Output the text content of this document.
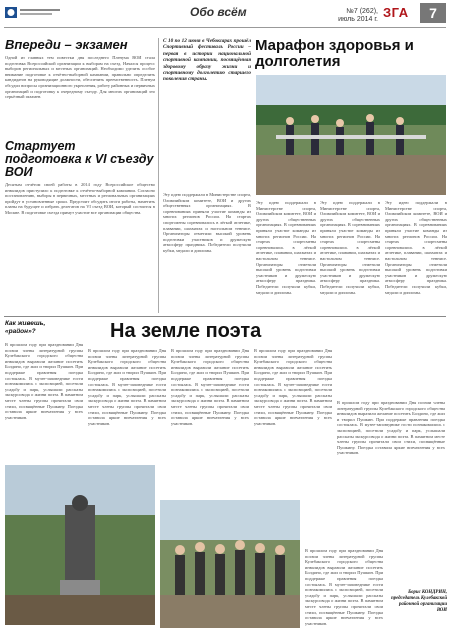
Обо всём	№7 (262),
июль 2014 г. ЗГА	7
Впереди – экзамен
Одной из главных тем повестки дня последнего Пленума ВОИ стала подготовка Всероссийской организации к выборам на съезд. Начался процесс выборов региональных и местных организаций. Необходимо уделить особое внимание подготовке к отчётно-выборной кампании, правильно определить кандидатов на руководящие должности, обеспечить преемственность. Пленум обсудил вопросы организационного укрепления, работу районных и первичных организаций и подготовку к очередному съезду. Для многих организаций это серьёзный экзамен.
Стартует подготовка к VI съезду ВОИ
Десятым отчётом своей работы в 2014 году Всероссийское общество инвалидов приступило к подготовке к отчётно-выборной кампании. Согласно постановлению, выборы в первичных, местных и региональных организациях пройдут в установленные сроки. Предстоит обсудить итоги работы, наметить планы на будущее и избрать делегатов на VI съезд ВОИ, который состоится в Москве. В подготовке съезда примут участие все организации общества.
С 10 по 12 июня в Чебоксарах прошёл Спортивный фестиваль России – первая в истории национальной спортивной кампании, посвящённая здоровому образу жизни и спортивному долголетию старшего поколения страны.
Эту идею поддержали в Министерстве спорта, Олимпийском комитете, ВОИ и других общественных организациях. В соревнованиях приняли участие команды из многих регионов России. На стартах спортсмены соревновались в лёгкой атлетике, плавании, шахматах и настольном теннисе. Организаторы отметили высокий уровень подготовки участников и дружескую атмосферу праздника. Победители получили кубки, медали и дипломы.
Марафон здоровья и долголетия
Эту идею поддержали в Министерстве спорта, Олимпийском комитете, ВОИ и других общественных организациях. В соревнованиях приняли участие команды из многих регионов России. На стартах спортсмены соревновались в лёгкой атлетике, плавании, шахматах и настольном теннисе. Организаторы отметили высокий уровень подготовки участников и дружескую атмосферу праздника. Победители получили кубки, медали и дипломы.
Эту идею поддержали в Министерстве спорта, Олимпийском комитете, ВОИ и других общественных организациях. В соревнованиях приняли участие команды из многих регионов России. На стартах спортсмены соревновались в лёгкой атлетике, плавании, шахматах и настольном теннисе. Организаторы отметили высокий уровень подготовки участников и дружескую атмосферу праздника. Победители получили кубки, медали и дипломы.
Эту идею поддержали в Министерстве спорта, Олимпийском комитете, ВОИ и других общественных организациях. В соревнованиях приняли участие команды из многих регионов России. На стартах спортсмены соревновались в лёгкой атлетике, плавании, шахматах и настольном теннисе. Организаторы отметили высокий уровень подготовки участников и дружескую атмосферу праздника. Победители получили кубки, медали и дипломы.
Как живешь, «район»?	На земле поэта
В прошлом году при праздновании Дня поэзии члены литературной группы Кулебакского городского общества инвалидов выразили желание посетить Болдино, где жил и творил Пушкин. При поддержке правления поездка состоялась. В музее-заповеднике гости познакомились с экспозицией, посетили усадьбу и парк, услышали рассказы экскурсовода о жизни поэта. В памятном месте члены группы прочитали свои стихи, посвящённые Пушкину. Поездка оставила яркие впечатления у всех участников.
В прошлом году при праздновании Дня поэзии члены литературной группы Кулебакского городского общества инвалидов выразили желание посетить Болдино, где жил и творил Пушкин. При поддержке правления поездка состоялась. В музее-заповеднике гости познакомились с экспозицией, посетили усадьбу и парк, услышали рассказы экскурсовода о жизни поэта. В памятном месте члены группы прочитали свои стихи, посвящённые Пушкину. Поездка оставила яркие впечатления у всех участников.
В прошлом году при праздновании Дня поэзии члены литературной группы Кулебакского городского общества инвалидов выразили желание посетить Болдино, где жил и творил Пушкин. При поддержке правления поездка состоялась. В музее-заповеднике гости познакомились с экспозицией, посетили усадьбу и парк, услышали рассказы экскурсовода о жизни поэта. В памятном месте члены группы прочитали свои стихи, посвящённые Пушкину. Поездка оставила яркие впечатления у всех участников.
В прошлом году при праздновании Дня поэзии члены литературной группы Кулебакского городского общества инвалидов выразили желание посетить Болдино, где жил и творил Пушкин. При поддержке правления поездка состоялась. В музее-заповеднике гости познакомились с экспозицией, посетили усадьбу и парк, услышали рассказы экскурсовода о жизни поэта. В памятном месте члены группы прочитали свои стихи, посвящённые Пушкину. Поездка оставила яркие впечатления у всех участников.
В прошлом году при праздновании Дня поэзии члены литературной группы Кулебакского городского общества инвалидов выразили желание посетить Болдино, где жил и творил Пушкин. При поддержке правления поездка состоялась. В музее-заповеднике гости познакомились с экспозицией, посетили усадьбу и парк, услышали рассказы экскурсовода о жизни поэта. В памятном месте члены группы прочитали свои стихи, посвящённые Пушкину. Поездка оставила яркие впечатления у всех участников.
В прошлом году при праздновании Дня поэзии члены литературной группы Кулебакского городского общества инвалидов выразили желание посетить Болдино, где жил и творил Пушкин. При поддержке правления поездка состоялась. В музее-заповеднике гости познакомились с экспозицией, посетили усадьбу и парк, услышали рассказы экскурсовода о жизни поэта. В памятном месте члены группы прочитали свои стихи, посвящённые Пушкину. Поездка оставила яркие впечатления у всех участников.
Борис КОНДРИН,
председатель Кулебакской
районной организации
ВОИ
